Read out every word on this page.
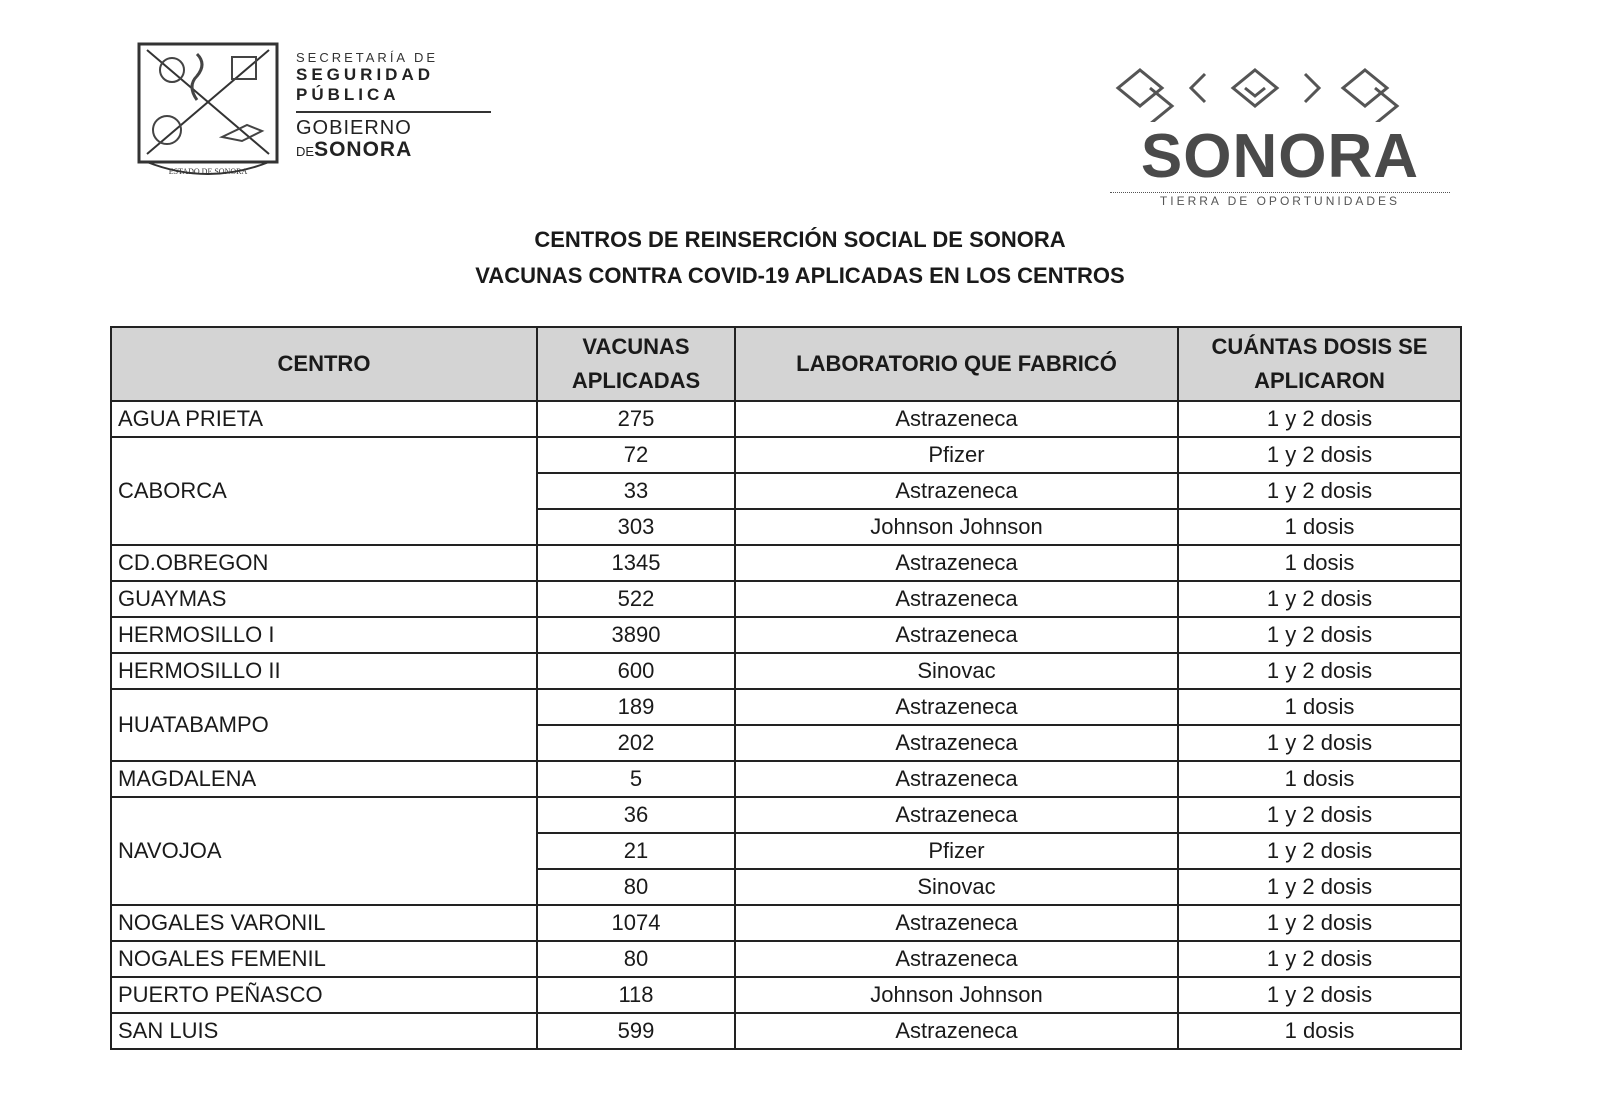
ESTADO DE SONORA
SECRETARÍA DE
SEGURIDAD
PÚBLICA
GOBIERNO
DESONORA	SONORA
TIERRA DE OPORTUNIDADES
CENTROS DE REINSERCIÓN SOCIAL DE SONORA
VACUNAS CONTRA COVID-19 APLICADAS EN LOS CENTROS
CENTRO	VACUNAS APLICADAS	LABORATORIO QUE FABRICÓ	CUÁNTAS DOSIS SE APLICARON
AGUA PRIETA	275	Astrazeneca	1 y 2 dosis
CABORCA	72	Pfizer	1 y 2 dosis
	33	Astrazeneca	1 y 2 dosis
	303	Johnson Johnson	1 dosis
CD.OBREGON	1345	Astrazeneca	1 dosis
GUAYMAS	522	Astrazeneca	1 y 2 dosis
HERMOSILLO I	3890	Astrazeneca	1 y 2 dosis
HERMOSILLO II	600	Sinovac	1 y 2 dosis
HUATABAMPO	189	Astrazeneca	1 dosis
	202	Astrazeneca	1 y 2 dosis
MAGDALENA	5	Astrazeneca	1 dosis
NAVOJOA	36	Astrazeneca	1 y 2 dosis
	21	Pfizer	1 y 2 dosis
	80	Sinovac	1 y 2 dosis
NOGALES VARONIL	1074	Astrazeneca	1 y 2 dosis
NOGALES FEMENIL	80	Astrazeneca	1 y 2 dosis
PUERTO PEÑASCO	118	Johnson Johnson	1 y 2 dosis
SAN LUIS	599	Astrazeneca	1 dosis
